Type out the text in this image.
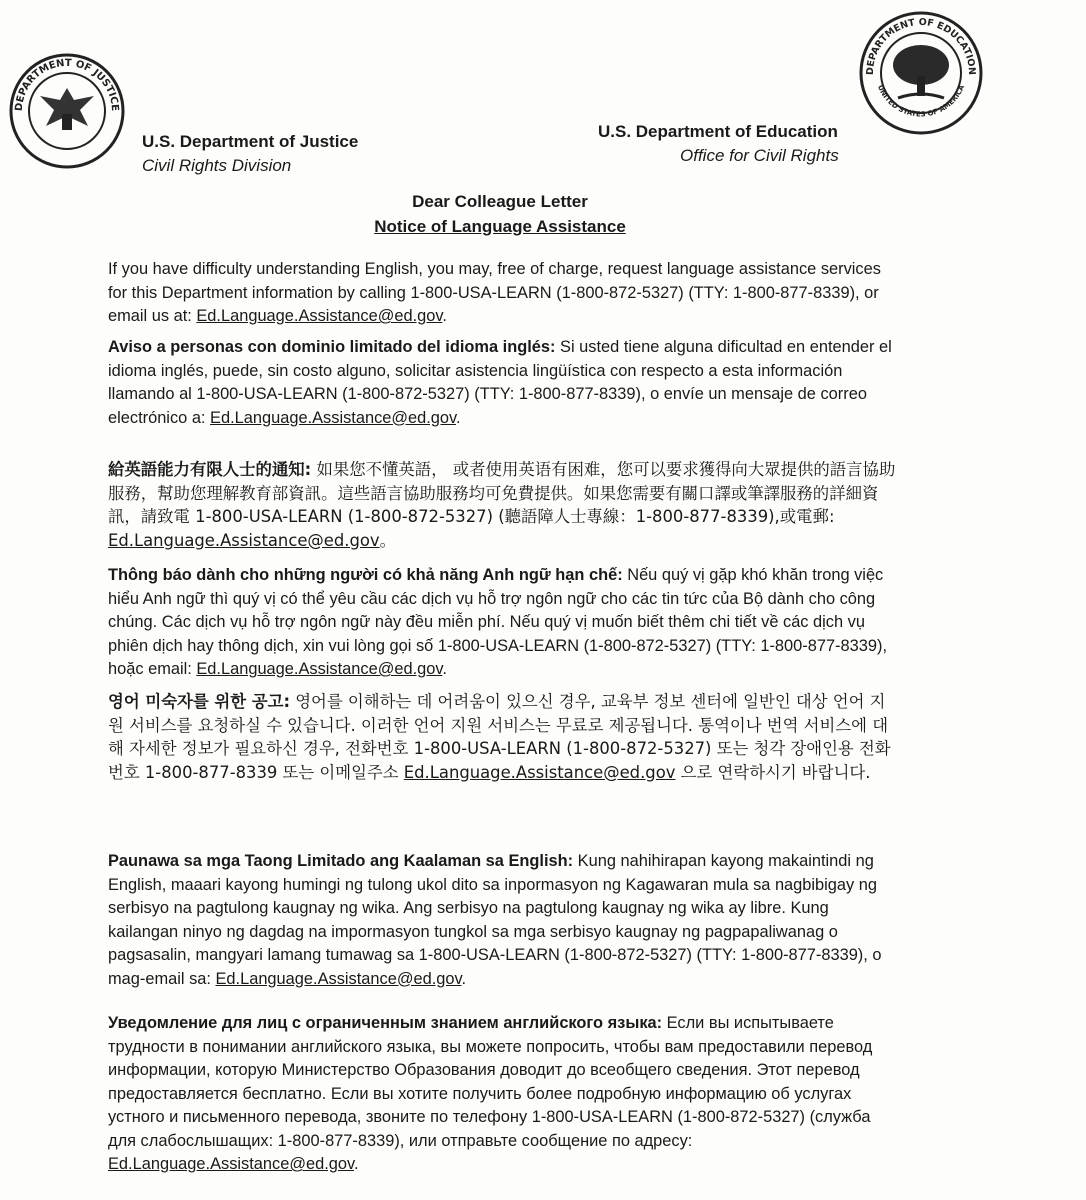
DEPARTMENT OF JUSTICE
DEPARTMENT OF EDUCATION
UNITED STATES OF AMERICA
U.S. Department of Justice
Civil Rights Division
U.S. Department of Education
Office for Civil Rights
Dear Colleague Letter
Notice of Language Assistance
If you have difficulty understanding English, you may, free of charge, request language assistance services for this Department information by calling 1-800-USA-LEARN (1-800-872-5327) (TTY: 1-800-877-8339), or email us at: Ed.Language.Assistance@ed.gov.
Aviso a personas con dominio limitado del idioma inglés: Si usted tiene alguna dificultad en entender el idioma inglés, puede, sin costo alguno, solicitar asistencia lingüística con respecto a esta información llamando al 1-800-USA-LEARN (1-800-872-5327) (TTY: 1-800-877-8339), o envíe un mensaje de correo electrónico a: Ed.Language.Assistance@ed.gov.
給英語能力有限人士的通知: 如果您不懂英語， 或者使用英语有困难，您可以要求獲得向大眾提供的語言協助服務，幫助您理解教育部資訊。這些語言協助服務均可免費提供。如果您需要有關口譯或筆譯服務的詳細資訊，請致電 1-800-USA-LEARN (1-800-872-5327) (聽語障人士專線：1-800-877-8339),或電郵: Ed.Language.Assistance@ed.gov。
Thông báo dành cho những người có khả năng Anh ngữ hạn chế: Nếu quý vị gặp khó khăn trong việc hiểu Anh ngữ thì quý vị có thể yêu cầu các dịch vụ hỗ trợ ngôn ngữ cho các tin tức của Bộ dành cho công chúng. Các dịch vụ hỗ trợ ngôn ngữ này đều miễn phí. Nếu quý vị muốn biết thêm chi tiết về các dịch vụ phiên dịch hay thông dịch, xin vui lòng gọi số 1-800-USA-LEARN (1-800-872-5327) (TTY: 1-800-877-8339), hoặc email: Ed.Language.Assistance@ed.gov.
영어 미숙자를 위한 공고: 영어를 이해하는 데 어려움이 있으신 경우, 교육부 정보 센터에 일반인 대상 언어 지원 서비스를 요청하실 수 있습니다. 이러한 언어 지원 서비스는 무료로 제공됩니다. 통역이나 번역 서비스에 대해 자세한 정보가 필요하신 경우, 전화번호 1-800-USA-LEARN (1-800-872-5327) 또는 청각 장애인용 전화번호 1-800-877-8339 또는 이메일주소 Ed.Language.Assistance@ed.gov 으로 연락하시기 바랍니다.
Paunawa sa mga Taong Limitado ang Kaalaman sa English: Kung nahihirapan kayong makaintindi ng English, maaari kayong humingi ng tulong ukol dito sa inpormasyon ng Kagawaran mula sa nagbibigay ng serbisyo na pagtulong kaugnay ng wika. Ang serbisyo na pagtulong kaugnay ng wika ay libre. Kung kailangan ninyo ng dagdag na impormasyon tungkol sa mga serbisyo kaugnay ng pagpapaliwanag o pagsasalin, mangyari lamang tumawag sa 1-800-USA-LEARN (1-800-872-5327) (TTY: 1-800-877-8339), o mag-email sa: Ed.Language.Assistance@ed.gov.
Уведомление для лиц с ограниченным знанием английского языка: Если вы испытываете трудности в понимании английского языка, вы можете попросить, чтобы вам предоставили перевод информации, которую Министерство Образования доводит до всеобщего сведения. Этот перевод предоставляется бесплатно. Если вы хотите получить более подробную информацию об услугах устного и письменного перевода, звоните по телефону 1-800-USA-LEARN (1-800-872-5327) (служба для слабослышащих: 1-800-877-8339), или отправьте сообщение по адресу: Ed.Language.Assistance@ed.gov.
